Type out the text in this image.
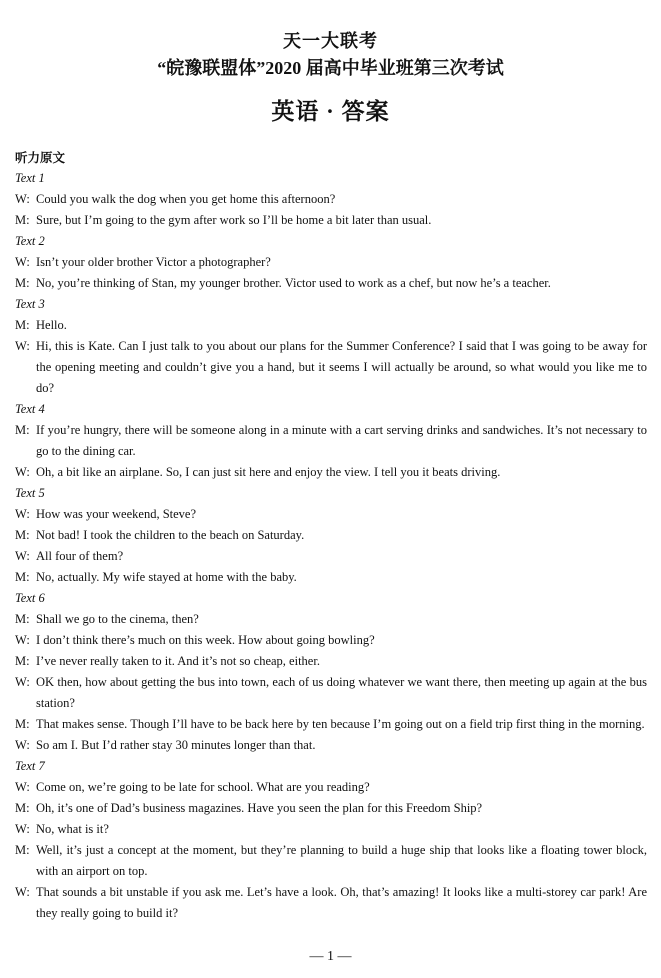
天一大联考
“皖豫联盟体”2020 届高中毕业班第三次考试
英语 · 答案
听力原文
Text 1
W: Could you walk the dog when you get home this afternoon?
M: Sure, but I’m going to the gym after work so I’ll be home a bit later than usual.
Text 2
W: Isn’t your older brother Victor a photographer?
M: No, you’re thinking of Stan, my younger brother. Victor used to work as a chef, but now he’s a teacher.
Text 3
M: Hello.
W: Hi, this is Kate. Can I just talk to you about our plans for the Summer Conference? I said that I was going to be away for the opening meeting and couldn’t give you a hand, but it seems I will actually be around, so what would you like me to do?
Text 4
M: If you’re hungry, there will be someone along in a minute with a cart serving drinks and sandwiches. It’s not necessary to go to the dining car.
W: Oh, a bit like an airplane. So, I can just sit here and enjoy the view. I tell you it beats driving.
Text 5
W: How was your weekend, Steve?
M: Not bad! I took the children to the beach on Saturday.
W: All four of them?
M: No, actually. My wife stayed at home with the baby.
Text 6
M: Shall we go to the cinema, then?
W: I don’t think there’s much on this week. How about going bowling?
M: I’ve never really taken to it. And it’s not so cheap, either.
W: OK then, how about getting the bus into town, each of us doing whatever we want there, then meeting up again at the bus station?
M: That makes sense. Though I’ll have to be back here by ten because I’m going out on a field trip first thing in the morning.
W: So am I. But I’d rather stay 30 minutes longer than that.
Text 7
W: Come on, we’re going to be late for school. What are you reading?
M: Oh, it’s one of Dad’s business magazines. Have you seen the plan for this Freedom Ship?
W: No, what is it?
M: Well, it’s just a concept at the moment, but they’re planning to build a huge ship that looks like a floating tower block, with an airport on top.
W: That sounds a bit unstable if you ask me. Let’s have a look. Oh, that’s amazing! It looks like a multi-storey car park! Are they really going to build it?
— 1 —
